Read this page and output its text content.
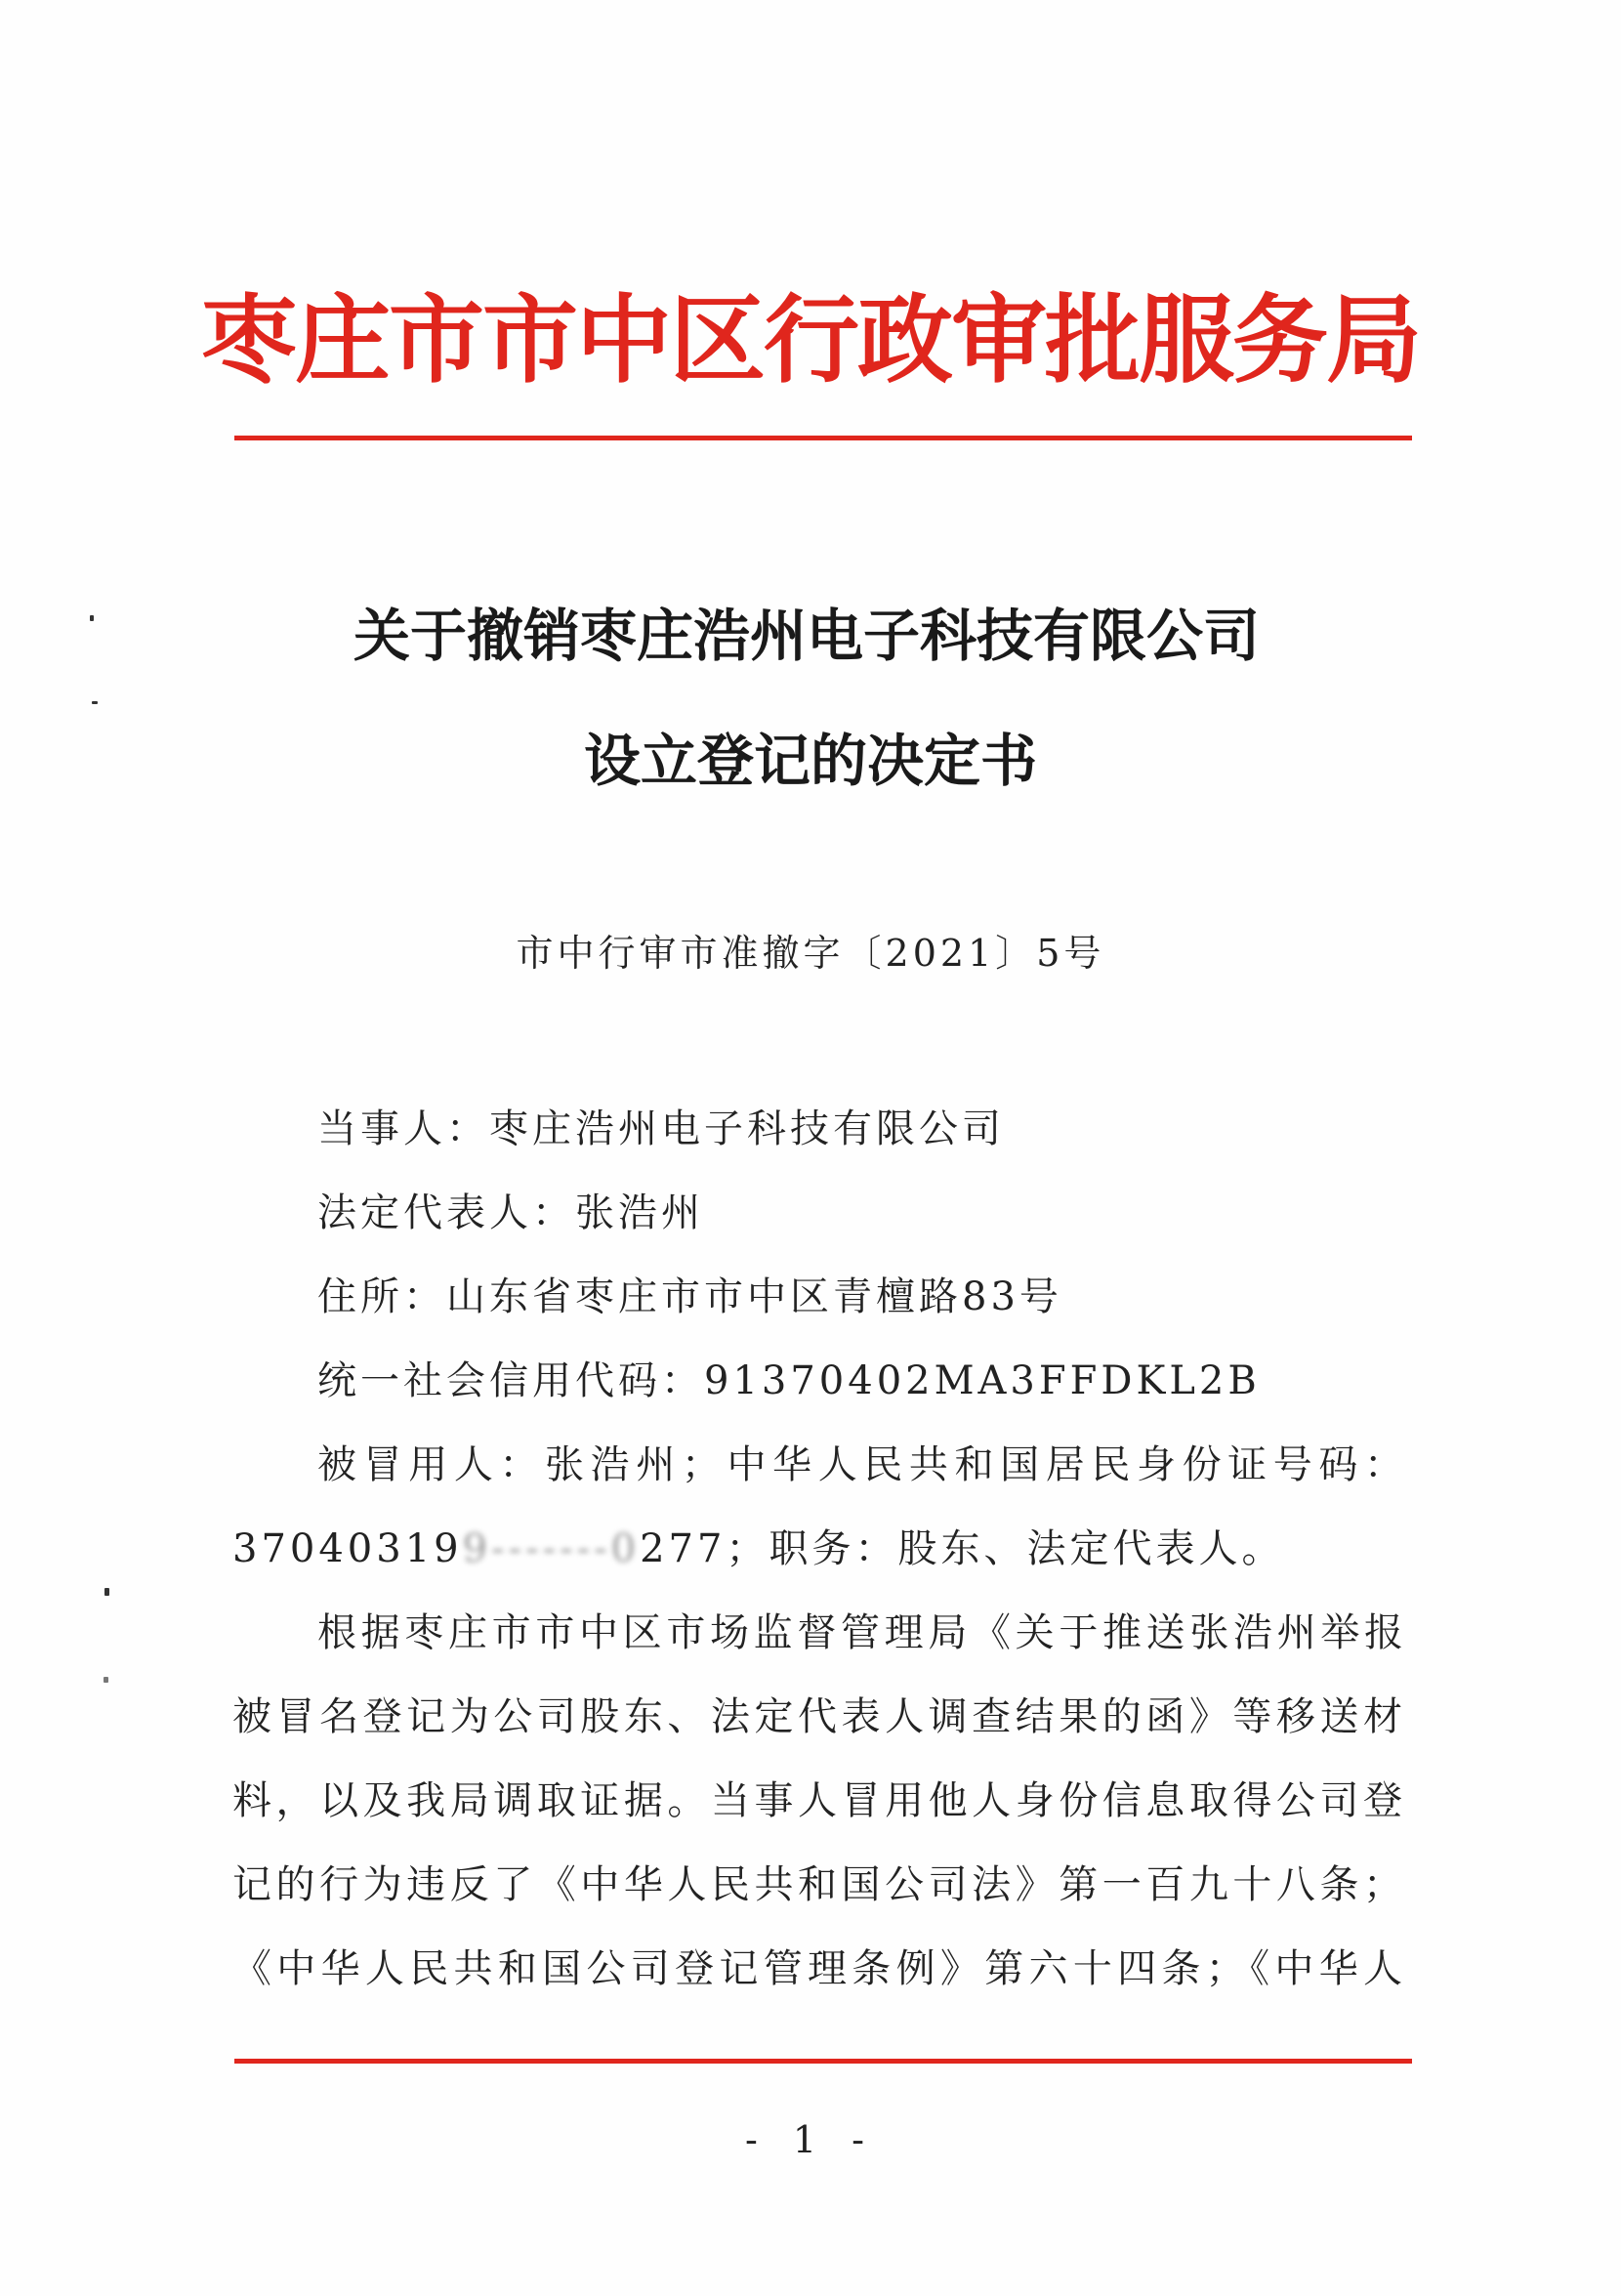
枣庄市市中区行政审批服务局
关于撤销枣庄浩州电子科技有限公司
设立登记的决定书
市中行审市准撤字〔2021〕5号
当事人：枣庄浩州电子科技有限公司
法定代表人：张浩州
住所：山东省枣庄市市中区青檀路83号
统一社会信用代码：91370402MA3FFDKL2B
被冒用人：张浩州；中华人民共和国居民身份证号码：
370403199-------0277；职务：股东、法定代表人。
根据枣庄市市中区市场监督管理局《关于推送张浩州举报
被冒名登记为公司股东、法定代表人调查结果的函》等移送材
料，以及我局调取证据。当事人冒用他人身份信息取得公司登
记的行为违反了《中华人民共和国公司法》第一百九十八条；
《中华人民共和国公司登记管理条例》第六十四条；《中华人
- 1 -
